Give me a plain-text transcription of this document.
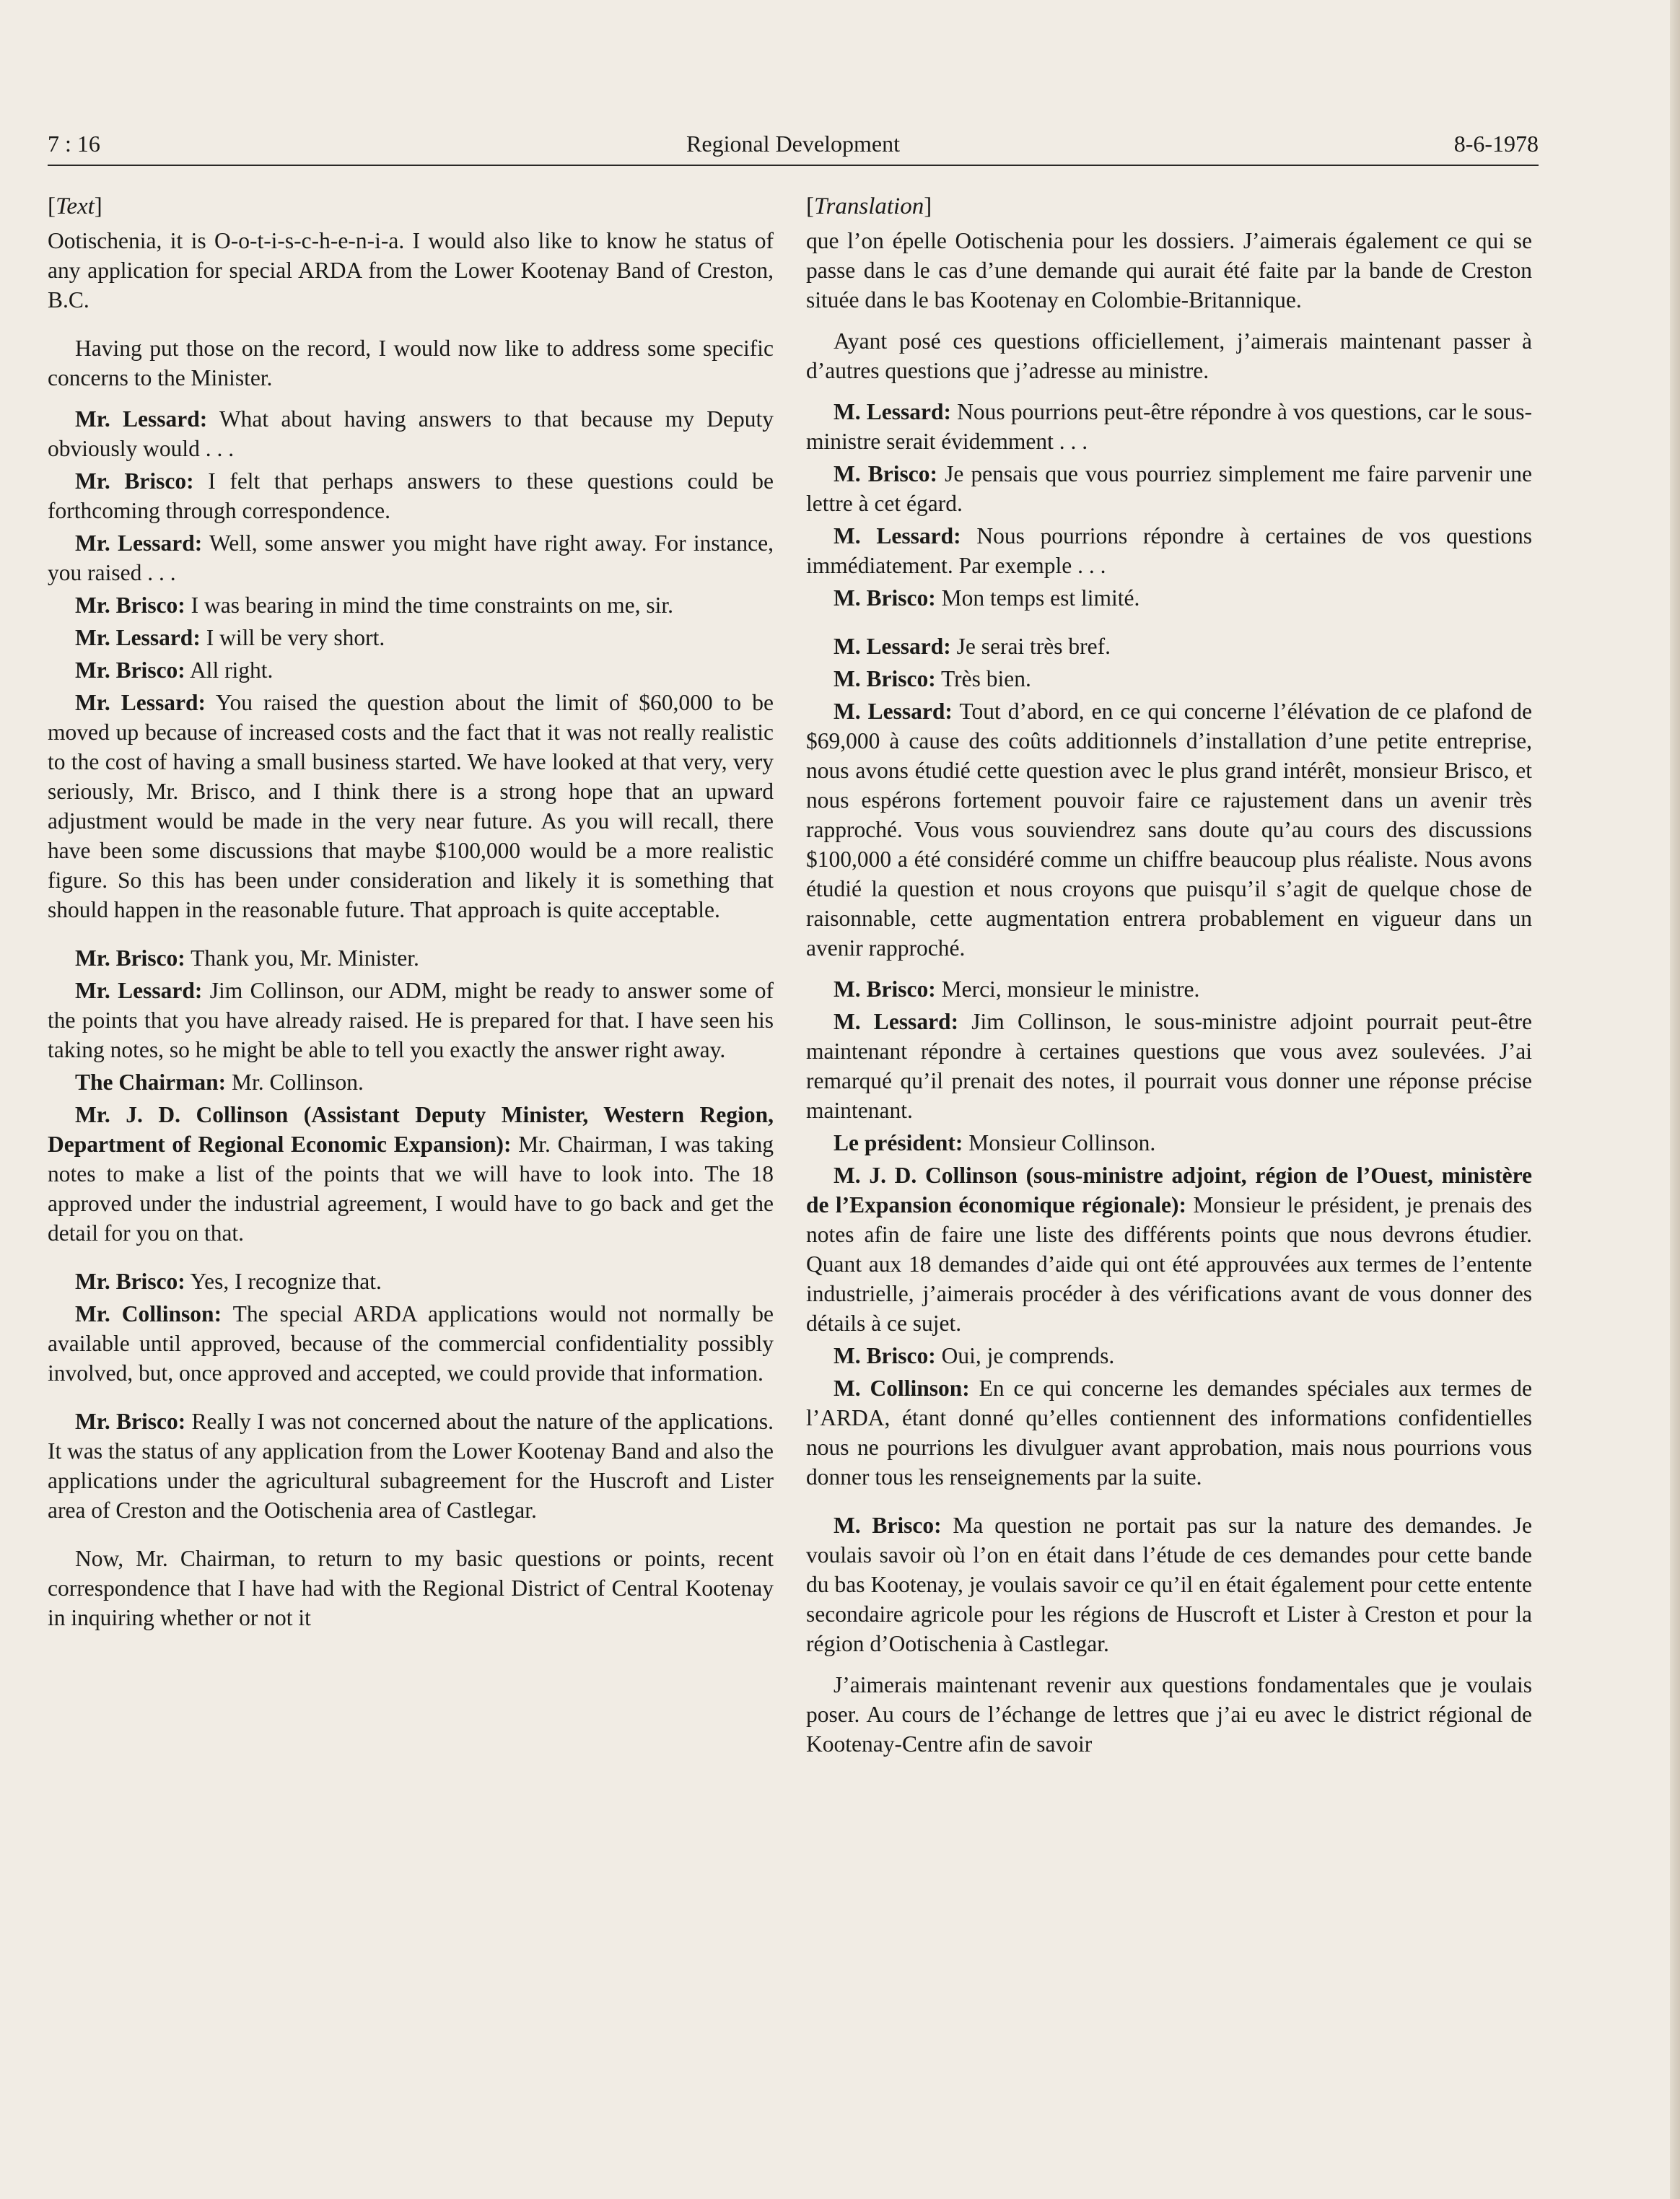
7 : 16	Regional Development	8-6-1978
[Text]

Ootischenia, it is O-o-t-i-s-c-h-e-n-i-a. I would also like to know he status of any application for special ARDA from the Lower Kootenay Band of Creston, B.C.

Having put those on the record, I would now like to address some specific concerns to the Minister.

Mr. Lessard: What about having answers to that because my Deputy obviously would . . .

Mr. Brisco: I felt that perhaps answers to these questions could be forthcoming through correspondence.

Mr. Lessard: Well, some answer you might have right away. For instance, you raised . . .

Mr. Brisco: I was bearing in mind the time constraints on me, sir.

Mr. Lessard: I will be very short.

Mr. Brisco: All right.

Mr. Lessard: You raised the question about the limit of $60,000 to be moved up because of increased costs and the fact that it was not really realistic to the cost of having a small business started. We have looked at that very, very seriously, Mr. Brisco, and I think there is a strong hope that an upward adjustment would be made in the very near future. As you will recall, there have been some discussions that maybe $100,000 would be a more realistic figure. So this has been under consideration and likely it is something that should happen in the reasonable future. That approach is quite acceptable.

Mr. Brisco: Thank you, Mr. Minister.

Mr. Lessard: Jim Collinson, our ADM, might be ready to answer some of the points that you have already raised. He is prepared for that. I have seen his taking notes, so he might be able to tell you exactly the answer right away.

The Chairman: Mr. Collinson.

Mr. J. D. Collinson (Assistant Deputy Minister, Western Region, Department of Regional Economic Expansion): Mr. Chairman, I was taking notes to make a list of the points that we will have to look into. The 18 approved under the industrial agreement, I would have to go back and get the detail for you on that.

Mr. Brisco: Yes, I recognize that.

Mr. Collinson: The special ARDA applications would not normally be available until approved, because of the commercial confidentiality possibly involved, but, once approved and accepted, we could provide that information.

Mr. Brisco: Really I was not concerned about the nature of the applications. It was the status of any application from the Lower Kootenay Band and also the applications under the agricultural subagreement for the Huscroft and Lister area of Creston and the Ootischenia area of Castlegar.

Now, Mr. Chairman, to return to my basic questions or points, recent correspondence that I have had with the Regional District of Central Kootenay in inquiring whether or not it

[Translation]

que l’on épelle Ootischenia pour les dossiers. J’aimerais également ce qui se passe dans le cas d’une demande qui aurait été faite par la bande de Creston située dans le bas Kootenay en Colombie-Britannique.

Ayant posé ces questions officiellement, j’aimerais maintenant passer à d’autres questions que j’adresse au ministre.

M. Lessard: Nous pourrions peut-être répondre à vos questions, car le sous-ministre serait évidemment . . .

M. Brisco: Je pensais que vous pourriez simplement me faire parvenir une lettre à cet égard.

M. Lessard: Nous pourrions répondre à certaines de vos questions immédiatement. Par exemple . . .

M. Brisco: Mon temps est limité.

M. Lessard: Je serai très bref.

M. Brisco: Très bien.

M. Lessard: Tout d’abord, en ce qui concerne l’élévation de ce plafond de $69,000 à cause des coûts additionnels d’installation d’une petite entreprise, nous avons étudié cette question avec le plus grand intérêt, monsieur Brisco, et nous espérons fortement pouvoir faire ce rajustement dans un avenir très rapproché. Vous vous souviendrez sans doute qu’au cours des discussions $100,000 a été considéré comme un chiffre beaucoup plus réaliste. Nous avons étudié la question et nous croyons que puisqu’il s’agit de quelque chose de raisonnable, cette augmentation entrera probablement en vigueur dans un avenir rapproché.

M. Brisco: Merci, monsieur le ministre.

M. Lessard: Jim Collinson, le sous-ministre adjoint pourrait peut-être maintenant répondre à certaines questions que vous avez soulevées. J’ai remarqué qu’il prenait des notes, il pourrait vous donner une réponse précise maintenant.

Le président: Monsieur Collinson.

M. J. D. Collinson (sous-ministre adjoint, région de l’Ouest, ministère de l’Expansion économique régionale): Monsieur le président, je prenais des notes afin de faire une liste des différents points que nous devrons étudier. Quant aux 18 demandes d’aide qui ont été approuvées aux termes de l’entente industrielle, j’aimerais procéder à des vérifications avant de vous donner des détails à ce sujet.

M. Brisco: Oui, je comprends.

M. Collinson: En ce qui concerne les demandes spéciales aux termes de l’ARDA, étant donné qu’elles contiennent des informations confidentielles nous ne pourrions les divulguer avant approbation, mais nous pourrions vous donner tous les renseignements par la suite.

M. Brisco: Ma question ne portait pas sur la nature des demandes. Je voulais savoir où l’on en était dans l’étude de ces demandes pour cette bande du bas Kootenay, je voulais savoir ce qu’il en était également pour cette entente secondaire agricole pour les régions de Huscroft et Lister à Creston et pour la région d’Ootischenia à Castlegar.

J’aimerais maintenant revenir aux questions fondamentales que je voulais poser. Au cours de l’échange de lettres que j’ai eu avec le district régional de Kootenay-Centre afin de savoir
